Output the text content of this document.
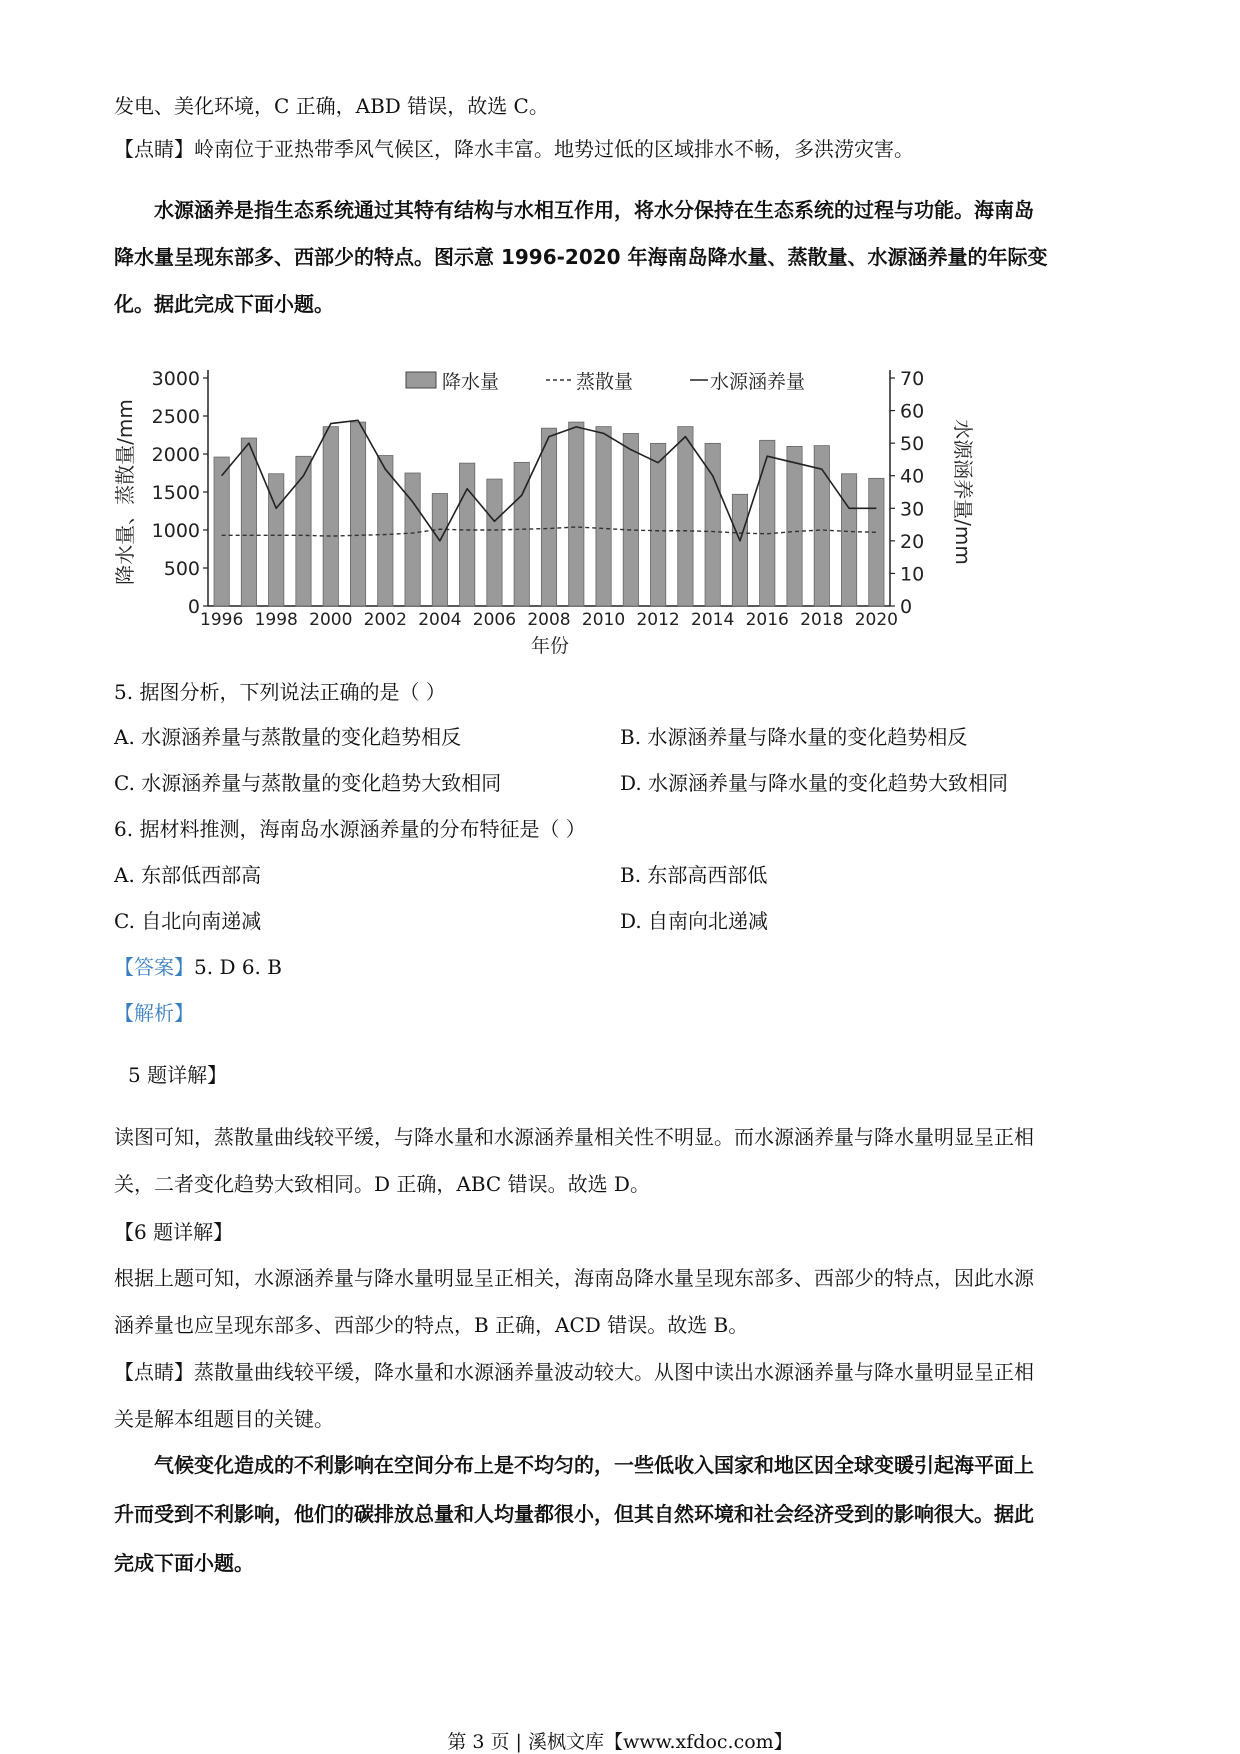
发电、美化环境，C 正确，ABD 错误，故选 C。
【点睛】岭南位于亚热带季风气候区，降水丰富。地势过低的区域排水不畅，多洪涝灾害。
水源涵养是指生态系统通过其特有结构与水相互作用，将水分保持在生态系统的过程与功能。海南岛
降水量呈现东部多、西部少的特点。图示意 1996-2020 年海南岛降水量、蒸散量、水源涵养量的年际变
化。据此完成下面小题。
0
500
1000
1500
2000
2500
3000
0
10
20
30
40
50
60
70
1996 1998 2000 2002 2004 2006 2008 2010 2012 2014 2016 2018 2020
年份
降水量、蒸散量/mm	水源涵养量/mm
降水量	蒸散量	水源涵养量
5. 据图分析，下列说法正确的是（ ）
A. 水源涵养量与蒸散量的变化趋势相反	B. 水源涵养量与降水量的变化趋势相反
C. 水源涵养量与蒸散量的变化趋势大致相同	D. 水源涵养量与降水量的变化趋势大致相同
6. 据材料推测，海南岛水源涵养量的分布特征是（ ）
A. 东部低西部高	B. 东部高西部低
C. 自北向南递减	D. 自南向北递减
【答案】5. D 6. B
【解析】
5 题详解】
读图可知，蒸散量曲线较平缓，与降水量和水源涵养量相关性不明显。而水源涵养量与降水量明显呈正相
关，二者变化趋势大致相同。D 正确，ABC 错误。故选 D。
【6 题详解】
根据上题可知，水源涵养量与降水量明显呈正相关，海南岛降水量呈现东部多、西部少的特点，因此水源
涵养量也应呈现东部多、西部少的特点，B 正确，ACD 错误。故选 B。
【点睛】蒸散量曲线较平缓，降水量和水源涵养量波动较大。从图中读出水源涵养量与降水量明显呈正相
关是解本组题目的关键。
气候变化造成的不利影响在空间分布上是不均匀的，一些低收入国家和地区因全球变暖引起海平面上
升而受到不利影响，他们的碳排放总量和人均量都很小，但其自然环境和社会经济受到的影响很大。据此
完成下面小题。
第 3 页 | 溪枫文库【www.xfdoc.com】
